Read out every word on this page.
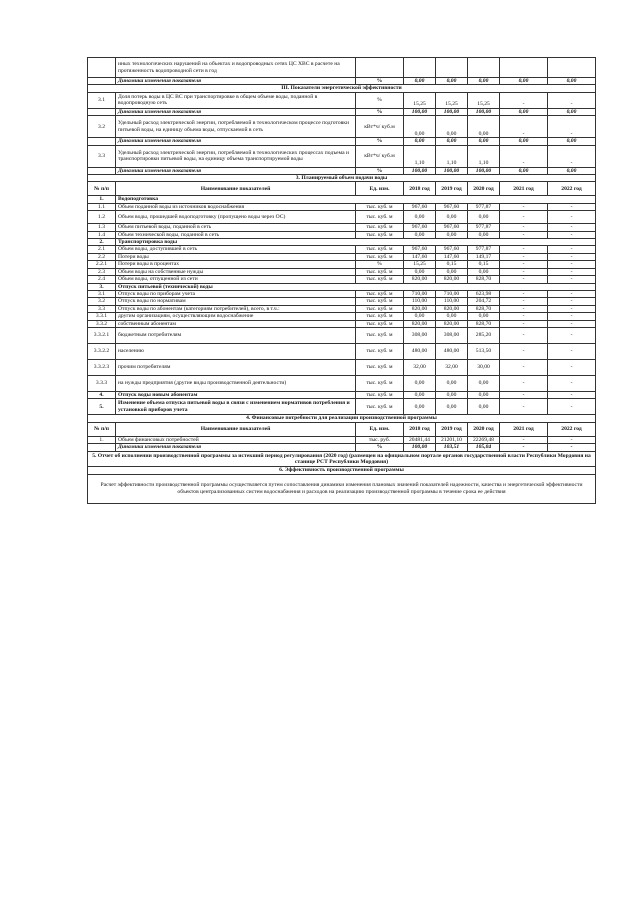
	иных технологических нарушений на объектах и водопроводных сетях ЦС ХВС в расчете на протяженность водопроводной сети в год						
	Динамика изменения показателя	%	0,00	0,00	0,00	0,00	0,00
III. Показатели энергетической эффективности							
3.1	Доля потерь воды в ЦС ВС при транспортировке в общем объеме воды, поданной в водопроводную сеть	%	15,25	15,25	15,25	-	-
	Динамика изменения показателя	%	100,00	100,00	100,00	0,00	0,00
3.2	Удельный расход электрической энергии, потребляемой в технологическом процессе подготовки питьевой воды, на единицу объема воды, отпускаемой в сеть	кВт*ч/ куб.м	0,00	0,00	0,00	-	-
	Динамика изменения показателя	%	0,00	0,00	0,00	0,00	0,00
3.3	Удельный расход электрической энергии, потребляемой в технологических процессах подъема и транспортировки питьевой воды, на единицу объема транспортируемой воды	кВт*ч/ куб.м	1,10	1,10	1,10	-	-
	Динамика изменения показателя	%	100,00	100,00	100,00	0,00	0,00
3. Планируемый объем подачи воды							
№ п/п	Наименование показателей	Ед. изм.	2018 год	2019 год	2020 год	2021 год	2022 год
1.	Водоподготовка						
1.1	Объем поданной воды из источников водоснабжения	тыс. куб. м	967,60	967,60	977,87	-	-
1.2	Объем воды, прошедшей водоподготовку (пропущено воды через ОС)	тыс. куб. м	0,00	0,00	0,00	-	-
1.3	Объем питьевой воды, поданной в сеть	тыс. куб. м	967,60	967,60	977,87	-	-
1.4	Объем технической воды, поданной в сеть	тыс. куб. м	0,00	0,00	0,00	-	-
2.	Транспортировка воды						
2.1	Объем воды, доступившей в сеть	тыс. куб. м	967,60	967,60	977,87	-	-
2.2	Потери воды	тыс. куб. м	147,60	147,60	149,17	-	-
2.2.1	Потери воды в процентах	%	15,25	0,15	0,15	-	-
2.3	Объем воды на собственные нужды	тыс. куб. м	0,00	0,00	0,00	-	-
2.4	Объем воды, отпущенной из сети	тыс. куб. м	820,00	820,00	828,70	-	-
3.	Отпуск питьевой (технической) воды						
3.1	Отпуск воды по приборам учета	тыс. куб. м	710,00	710,00	623,98	-	-
3.2	Отпуск воды по нормативам	тыс. куб. м	110,00	110,00	204,72	-	-
3.3	Отпуск воды по абонентам (категориям потребителей), всего, в т.ч.:	тыс. куб. м	820,00	820,00	828,70	-	-
3.3.1	другим организациям, осуществляющим водоснабжение	тыс. куб. м	0,00	0,00	0,00	-	-
3.3.2	собственным абонентам	тыс. куб. м	820,00	820,00	828,70	-	-
3.3.2.1	бюджетным потребителям	тыс. куб. м	308,00	308,00	285,20	-	-
3.3.2.2	населению	тыс. куб. м	480,00	480,00	513,50	-	-
3.3.2.3	прочим потребителям	тыс. куб. м	32,00	32,00	30,00	-	-
3.3.3	на нужды предприятия (другие виды производственной деятельности)	тыс. куб. м	0,00	0,00	0,00	-	-
4.	Отпуск воды новым абонентам	тыс. куб. м	0,00	0,00	0,00	-	-
5.	Изменение объема отпуска питьевой воды в связи с изменением нормативов потребления и установкой приборов учета	тыс. куб. м	0,00	0,00	0,00	-	-
4. Финансовые потребности для реализации производственной программы							
№ п/п	Наименование показателей	Ед. изм.	2018 год	2019 год	2020 год	2021 год	2022 год
1.	Объем финансовых потребностей	тыс. руб.	20481,44	21201,10	22269,48	-	-
	Динамика изменения показателя	%	100,00	103,51	105,04	-	-
5. Отчет об исполнении производственной программы за истекший период регулирования (2020 год) (размещен на официальном портале органов государственной власти Республики Мордовия на станице РСТ Республики Мордовия)							
6. Эффективность производственной программы							
Расчет эффективности производственной программы осуществляется путем сопоставления динамики изменения плановых значений показателей надежности, качества и энергетической эффективности объектов централизованных систем водоснабжения и расходов на реализацию производственной программы в течение срока ее действия							
